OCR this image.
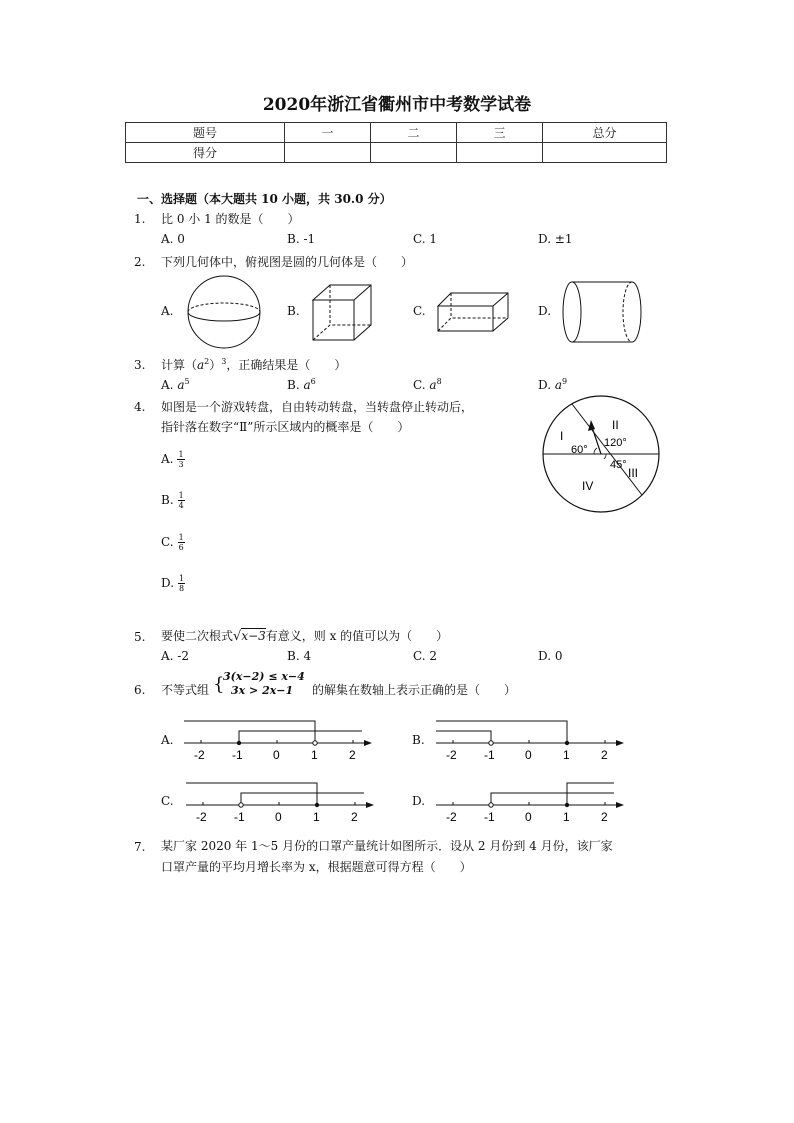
2020年浙江省衢州市中考数学试卷
题号	一	二	三	总分
得分				
一、选择题（本大题共 10 小题，共 30.0 分）
1. 比 0 小 1 的数是（　　）
A. 0	B. -1	C. 1	D. ±1
2. 下列几何体中，俯视图是圆的几何体是（　　）
A.	B.	C.	D.
3. 计算$(a^2)^3$，正确结果是（　　）
A. $a^5$	B. $a^6$	C. $a^8$	D. $a^9$
4. 如图是一个游戏转盘，自由转动转盘，当转盘停止转动后，
指针落在数字“Ⅱ”所示区域内的概率是（　　）
A. $\frac{1}{3}$
B. $\frac{1}{4}$
C. $\frac{1}{6}$
D. $\frac{1}{8}$
I
II
III
IV
60°
120°
45°
5. 要使二次根式√x−3有意义，则 x 的值可以为（　　）
A. -2	B. 4	C. 2	D. 0
6. 不等式组 {
3(x−2) ≤ x−4
3x > 2x−1 的解集在数轴上表示正确的是（　　）
A.	B.
C.	D.
-2 -1	0	1	2	-2 -1	0	1	2
-2 -1	0	1	2	-2 -1	0	1	2
7. 某厂家 2020 年 1～5 月份的口罩产量统计如图所示．设从 2 月份到 4 月份，该厂家
口罩产量的平均月增长率为 x，根据题意可得方程（　　）
